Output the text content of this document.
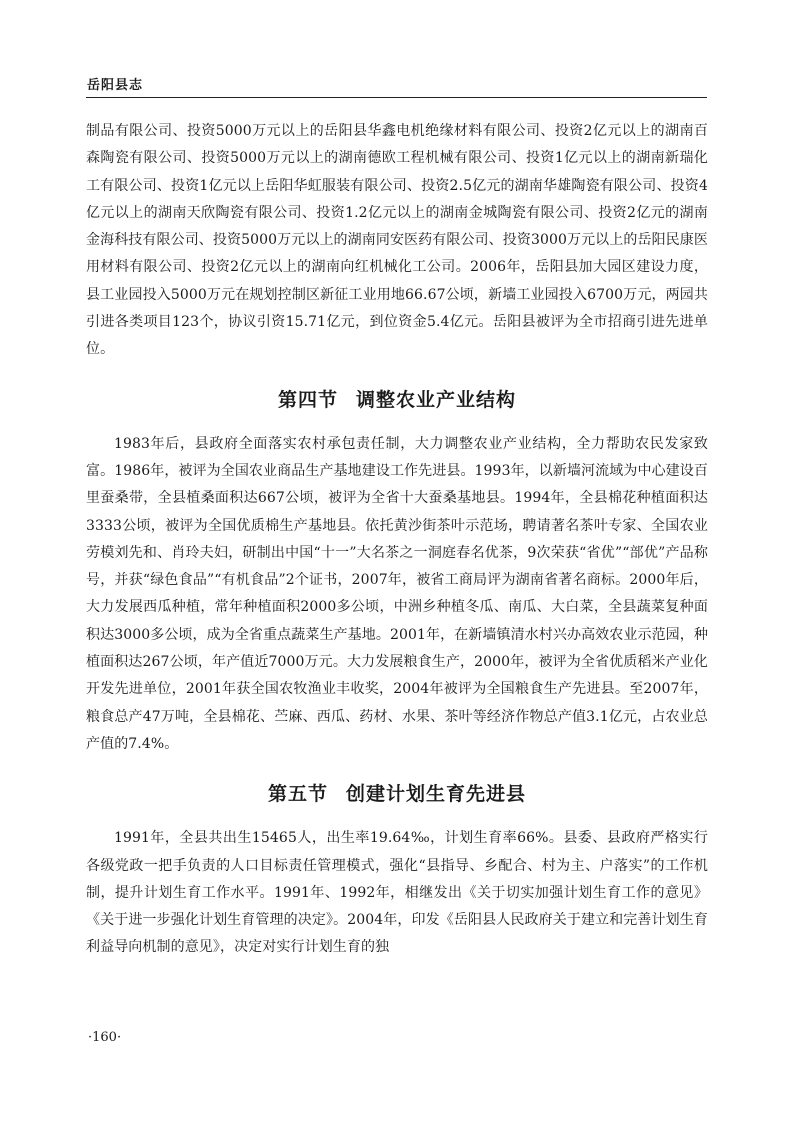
岳阳县志

制品有限公司、投资5000万元以上的岳阳县华鑫电机绝缘材料有限公司、投资2亿元以上的湖南百森陶瓷有限公司、投资5000万元以上的湖南德欧工程机械有限公司、投资1亿元以上的湖南新瑞化工有限公司、投资1亿元以上岳阳华虹服装有限公司、投资2.5亿元的湖南华雄陶瓷有限公司、投资4亿元以上的湖南天欣陶瓷有限公司、投资1.2亿元以上的湖南金城陶瓷有限公司、投资2亿元的湖南金海科技有限公司、投资5000万元以上的湖南同安医药有限公司、投资3000万元以上的岳阳民康医用材料有限公司、投资2亿元以上的湖南向红机械化工公司。2006年，岳阳县加大园区建设力度，县工业园投入5000万元在规划控制区新征工业用地66.67公顷，新墙工业园投入6700万元，两园共引进各类项目123个，协议引资15.71亿元，到位资金5.4亿元。岳阳县被评为全市招商引进先进单位。

第四节 调整农业产业结构

1983年后，县政府全面落实农村承包责任制，大力调整农业产业结构，全力帮助农民发家致富。1986年，被评为全国农业商品生产基地建设工作先进县。1993年，以新墙河流域为中心建设百里蚕桑带，全县植桑面积达667公顷，被评为全省十大蚕桑基地县。1994年，全县棉花种植面积达3333公顷，被评为全国优质棉生产基地县。依托黄沙街茶叶示范场，聘请著名茶叶专家、全国农业劳模刘先和、肖玲夫妇，研制出中国“十一”大名茶之一洞庭春名优茶，9次荣获“省优”“部优”产品称号，并获“绿色食品”“有机食品”2个证书，2007年，被省工商局评为湖南省著名商标。2000年后，大力发展西瓜种植，常年种植面积2000多公顷，中洲乡种植冬瓜、南瓜、大白菜，全县蔬菜复种面积达3000多公顷，成为全省重点蔬菜生产基地。2001年，在新墙镇清水村兴办高效农业示范园，种植面积达267公顷，年产值近7000万元。大力发展粮食生产，2000年，被评为全省优质稻米产业化开发先进单位，2001年获全国农牧渔业丰收奖，2004年被评为全国粮食生产先进县。至2007年，粮食总产47万吨，全县棉花、苎麻、西瓜、药材、水果、茶叶等经济作物总产值3.1亿元，占农业总产值的7.4%。

第五节 创建计划生育先进县

1991年，全县共出生15465人，出生率19.64‰，计划生育率66%。县委、县政府严格实行各级党政一把手负责的人口目标责任管理模式，强化“县指导、乡配合、村为主、户落实”的工作机制，提升计划生育工作水平。1991年、1992年，相继发出《关于切实加强计划生育工作的意见》《关于进一步强化计划生育管理的决定》。2004年，印发《岳阳县人民政府关于建立和完善计划生育利益导向机制的意见》，决定对实行计划生育的独

·160·
